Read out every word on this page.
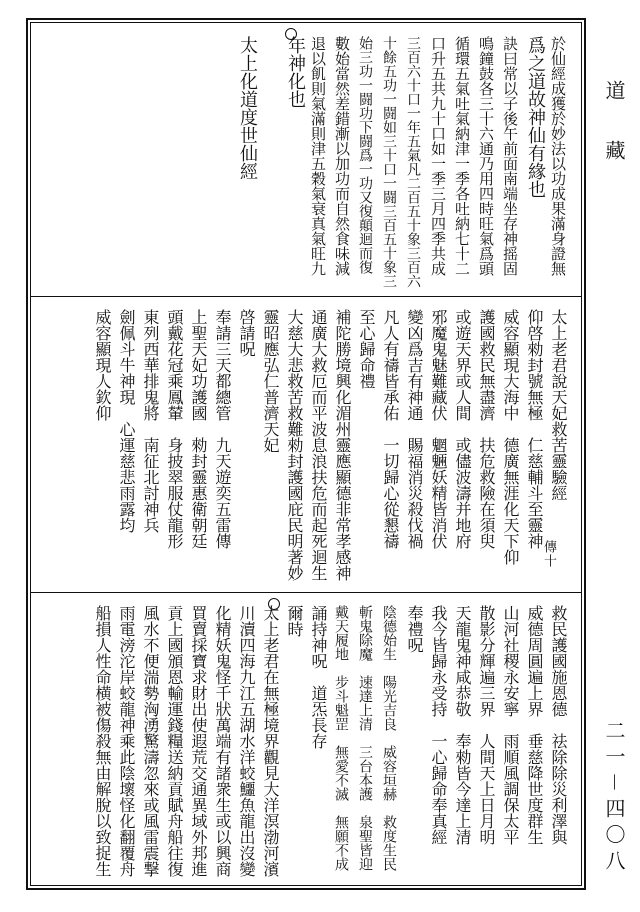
道
藏
二一－四〇八
傳十
於仙經成獲於妙法以功成果滿身證無
爲之道故神仙有緣也
訣曰常以子後午前面南端坐存神摇固
鳴鐘鼓各三十六通乃用四時旺氣爲頭
循環五氣吐氣納津一季各吐納七十二
口升五共九十口如一季三月四季共成
三百六十口一年五氣凡二百五十象三百六
十餘五功一闘如三十口一闘三百五十象三
始三功一闘功下闘爲一功又復顛迴而復
數始當然差錯漸以加功而自然食味減
退以飢則氣滿則津五穀氣衰真氣旺九
年神化也
太上化道度世仙經
太上老君說天妃救苦靈驗經
仰啓勑封號無極　仁慈輔斗至靈神
威容顯現大海中　德廣無涯化天下仰
護國救民無盡濟　扶危救險在須臾
或遊天界或人間　或儘波濤并地府
邪魔鬼魅難藏伏　魍魎妖精皆消伏
變凶爲吉有神通　賜福消災殺伐禍
凡人有禱皆承佑　一切歸心從懇禱
至心歸命禮
補陀勝境興化湄州靈應顯德非常孝感神
通廣大救厄而平波息浪扶危而起死迴生
大慈大悲救苦救難勑封護國庇民明著妙
靈昭應弘仁普濟天妃
啓請呪
奉請三天都總管　九天遊奕五雷傳
上聖天妃功護國　勑封靈惠衛朝廷
頭戴花冠乘鳳輦　身披翠服仗龍形
東列西華排鬼將　南征北討神兵
劍佩斗牛神現　心運慈悲雨露均
威容顯現人欽仰
救民護國施恩德　祛除除災利澤與
威德周圓遍上界　垂慈降世度群生
山河社稷永安寧　雨順風調保太平
散影分輝遍三界　人間天上日月明
天龍鬼神咸恭敬　奉勑皆今達上清
我今皆歸永受持　一心歸命奉真經
奉禮呪
陰德始生　陽光吉良　威容垣赫　救度生民
斬鬼除魔　速達上清　三台本護　泉聖皆迎
戴天履地　步斗魁罡　無愛不滅　無願不成
誦持神呪　道炁長存
爾時
太上老君在無極境界觀見大洋溟渤河濱
川瀆四海九江五湖水洋蛟鱷魚龍出沒變
化精妖鬼怪千狀萬端有諸衆生或以興商
買賣採寶求財出使遐荒交通異域外邦進
貢上國頒恩輸運錢糧送納貢賦舟船往復
風水不便湍勢洶湧驚濤忽來或風雷震撃
雨電滂沱岸蛟龍神乘此陰壞怪化翻覆舟
船損人性命横被傷殺無由解脫以致捉生
